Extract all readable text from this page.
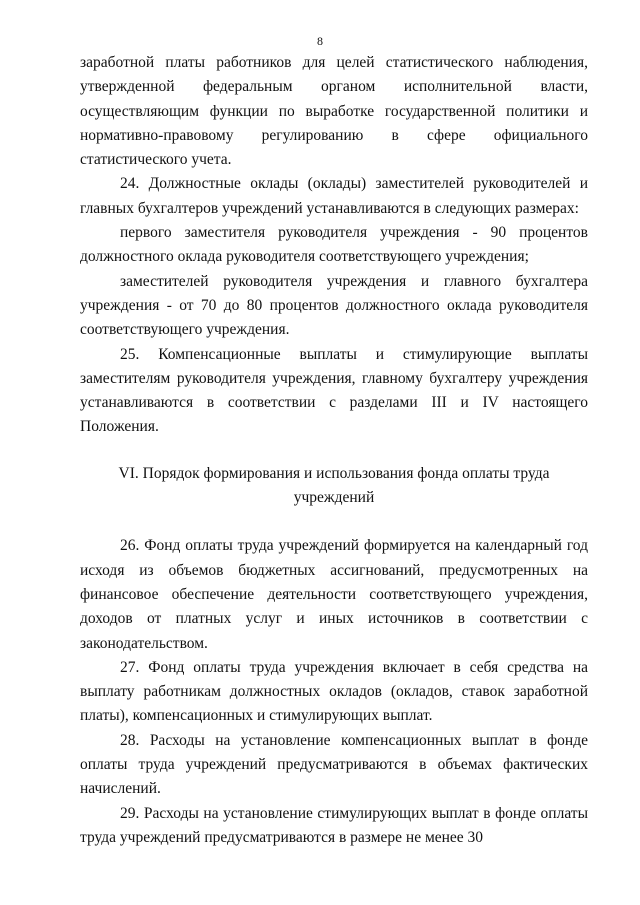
8

заработной платы работников для целей статистического наблюдения, утвержденной федеральным органом исполнительной власти, осуществляющим функции по выработке государственной политики и нормативно-правовому регулированию в сфере официального статистического учета.

24. Должностные оклады (оклады) заместителей руководителей и главных бухгалтеров учреждений устанавливаются в следующих размерах:

первого заместителя руководителя учреждения - 90 процентов должностного оклада руководителя соответствующего учреждения;

заместителей руководителя учреждения и главного бухгалтера учреждения - от 70 до 80 процентов должностного оклада руководителя соответствующего учреждения.

25. Компенсационные выплаты и стимулирующие выплаты заместителям руководителя учреждения, главному бухгалтеру учреждения устанавливаются в соответствии с разделами III и IV настоящего Положения.

VI. Порядок формирования и использования фонда оплаты труда учреждений

26. Фонд оплаты труда учреждений формируется на календарный год исходя из объемов бюджетных ассигнований, предусмотренных на финансовое обеспечение деятельности соответствующего учреждения, доходов от платных услуг и иных источников в соответствии с законодательством.

27. Фонд оплаты труда учреждения включает в себя средства на выплату работникам должностных окладов (окладов, ставок заработной платы), компенсационных и стимулирующих выплат.

28. Расходы на установление компенсационных выплат в фонде оплаты труда учреждений предусматриваются в объемах фактических начислений.

29. Расходы на установление стимулирующих выплат в фонде оплаты труда учреждений предусматриваются в размере не менее 30
